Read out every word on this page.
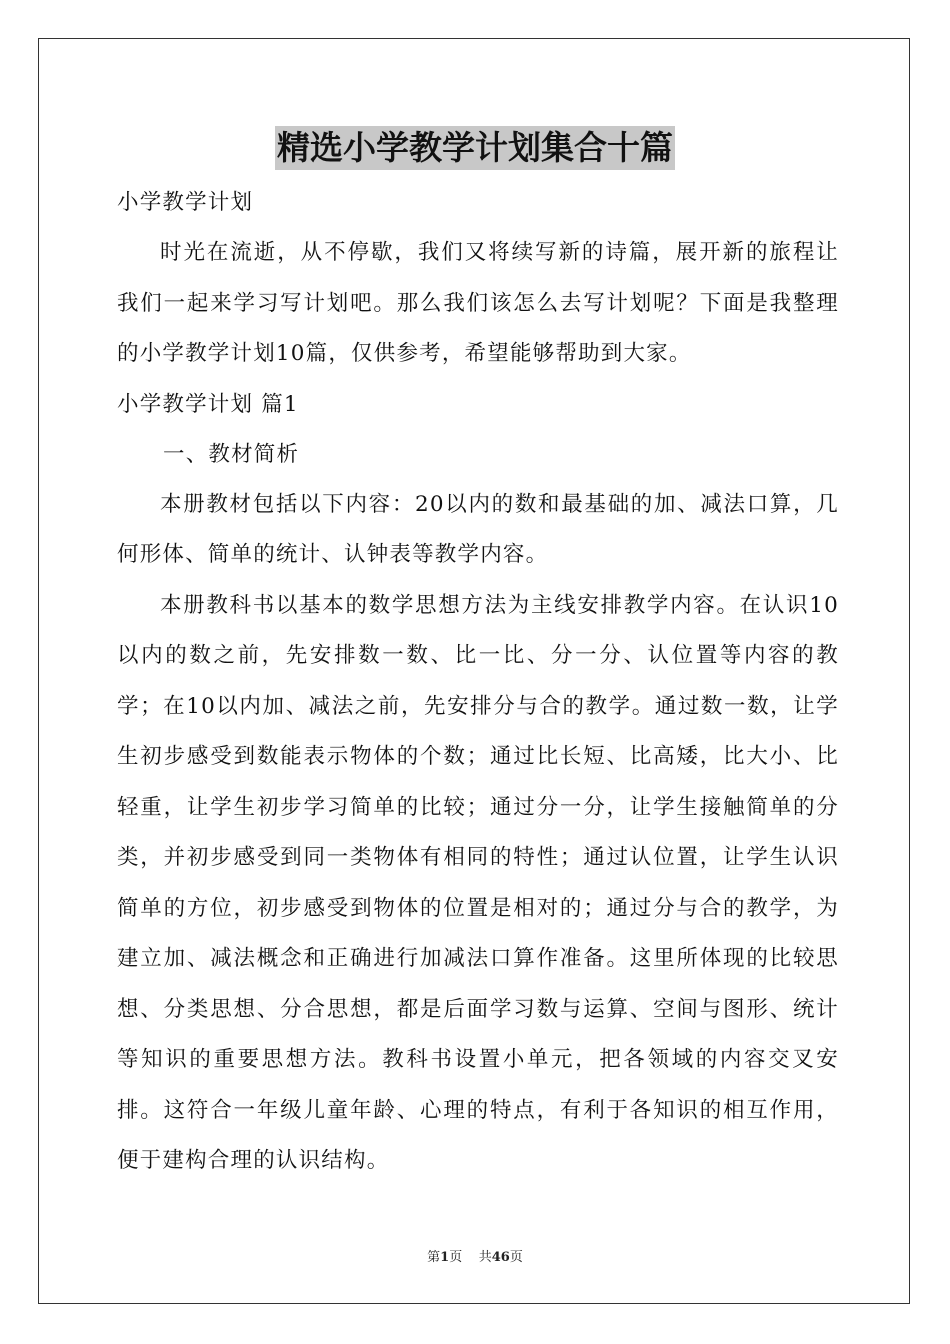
精选小学教学计划集合十篇
小学教学计划

时光在流逝，从不停歇，我们又将续写新的诗篇，展开新的旅程让我们一起来学习写计划吧。那么我们该怎么去写计划呢？下面是我整理的小学教学计划10篇，仅供参考，希望能够帮助到大家。

小学教学计划 篇1
一、教材简析

本册教材包括以下内容：20以内的数和最基础的加、减法口算，几何形体、简单的统计、认钟表等教学内容。

本册教科书以基本的数学思想方法为主线安排教学内容。在认识10以内的数之前，先安排数一数、比一比、分一分、认位置等内容的教学；在10以内加、减法之前，先安排分与合的教学。通过数一数，让学生初步感受到数能表示物体的个数；通过比长短、比高矮，比大小、比轻重，让学生初步学习简单的比较；通过分一分，让学生接触简单的分类，并初步感受到同一类物体有相同的特性；通过认位置，让学生认识简单的方位，初步感受到物体的位置是相对的；通过分与合的教学，为建立加、减法概念和正确进行加减法口算作准备。这里所体现的比较思想、分类思想、分合思想，都是后面学习数与运算、空间与图形、统计等知识的重要思想方法。教科书设置小单元，把各领域的内容交叉安排。这符合一年级儿童年龄、心理的特点，有利于各知识的相互作用，便于建构合理的认识结构。

第1页    共46页
